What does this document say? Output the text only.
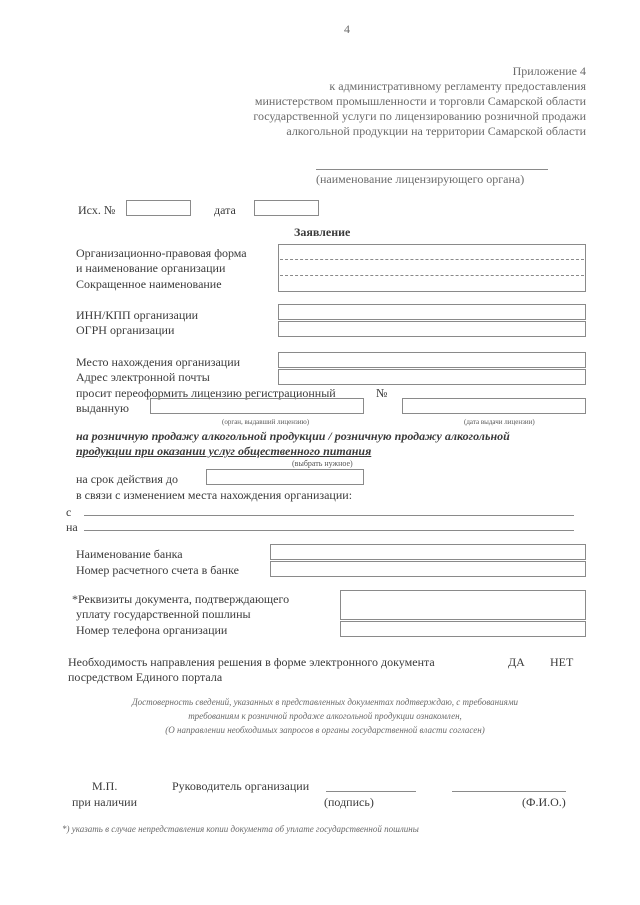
4
Приложение 4
к административному регламенту предоставления
министерством промышленности и торговли Самарской области
государственной услуги по лицензированию розничной продажи
алкогольной продукции на территории Самарской области
(наименование лицензирующего органа)
Исх. №	дата
Заявление
Организационно-правовая форма
и наименование организации
Сокращенное наименование
ИНН/КПП организации
ОГРН организации
Место нахождения организации
Адрес электронной почты
просит переоформить лицензию регистрационный	№
выданную
(орган, выдавший лицензию)	(дата выдачи лицензии)
на розничную продажу алкогольной продукции / розничную продажу алкогольной
продукции при оказании услуг общественного питания
(выбрать нужное)
на срок действия до
в связи с изменением места нахождения организации:
с
на
Наименование банка
Номер расчетного счета в банке
*Реквизиты документа, подтверждающего
уплату государственной пошлины
Номер телефона организации
Необходимость направления решения в форме электронного документа
посредством Единого портала
ДА НЕТ
Достоверность сведений, указанных в представленных документах подтверждаю, с требованиями
требованиям к розничной продаже алкогольной продукции ознакомлен,
(О направлении необходимых запросов в органы государственной власти согласен)
М.П.
при наличии
Руководитель организации
(подпись)	(Ф.И.О.)
*) указать в случае непредставления копии документа об уплате государственной пошлины
